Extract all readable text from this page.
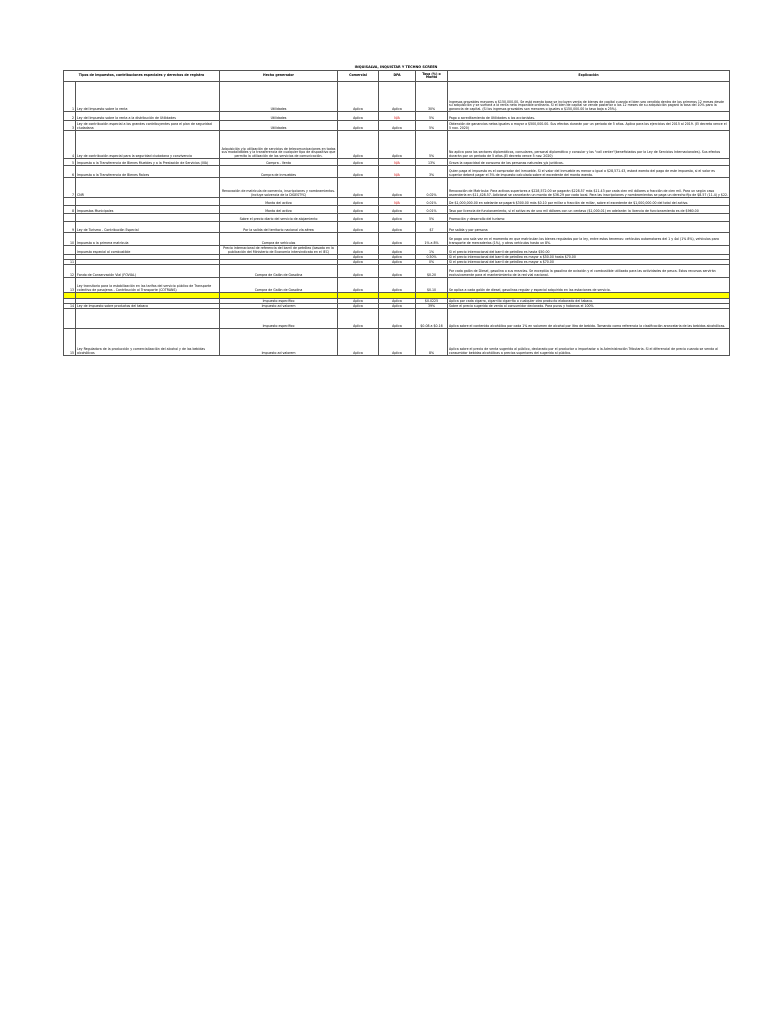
INQUISALVA, INQUISTAR Y TECHNO SCREEN
Tipos de impuestos, contribuciones especiales y derechos de registro		Hecho generador	Comercial	DPA	Tasa (%) o Monto	Explicación
1	Ley del Impuesto sobre la renta	Utilidades	Aplica	Aplica	30%	Ingresos gravables mayores a $150,000.00. Se está exenta base se incluyen venta de bienes de capital cuando el bien sea vendido dentro de los primeros 12 meses desde su adquisición y se sumará a la renta neta imponible ordinaria. Si el bien de capital se vende posterior a los 12 meses de su adquisición pagará la tasa del 10% para la ganancia de capital. (Si los ingresos gravables son menores o iguales a $150,000.00 la tasa baja a 25%).
2	Ley del Impuesto sobre la renta a la distribución de Utilidades	Utilidades	Aplica	N/A	5%	Pago o acreditamiento de Utilidades a los accionistas.
3	Ley de contribución especial a los grandes contribuyentes para el plan de seguridad ciudadana	Utilidades	Aplica	Aplica	5%	Obtención de ganancias netas iguales o mayor a $500,000.00. Sus efectos durarán por un periodo de 5 años. Aplica para los ejercicios del 2015 al 2019. (El decreto vence el 5 nov. 2020)
4	Ley de contribución especial para la seguridad ciudadana y convivencia	Adquisición y/o utilización de servicios de telecomunicaciones en todas sus modalidades y la transferencia de cualquier tipo de dispositivo que permita la utilización de los servicios de comunicación.	Aplica	Aplica	5%	No aplica para los sectores diplomáticos, consulares, personal diplomático y consular y los "call center"(beneficiados por la Ley de Servicios Internacionales). Sus efectos durarán por un periodo de 5 años.(El decreto vence 5 nov. 2020)
5	Impuesto a la Transferencia de Bienes Muebles y a la Prestación de Servicios (IVA)	Compra - Venta	Aplica	N/A	13%	Grava la capacidad de consumo de las personas naturales y/o jurídicas.
6	Impuesto a la Transferencia de Bienes Raíces	Compra de inmuebles	Aplica	N/A	3%	Quien paga el impuesto es el comprador del inmueble. Si el valor del inmueble es menor o igual a $28,571.43, estará exento del pago de este impuesto, si el valor es superior deberá pagar el 3% de impuesto calculado sobre el excedente del monto exento.
7	CNR	Renovación de matrícula de comercio, inscripciones y nombramientos. (incluye solvencia de la DIGESTYC)	Aplica	Aplica	0.02%	Renovación de Matrícula: Para activos superiores a $228,572.00 se pagarán $228.57 más $11.43 por cada cien mil dólares o fracción de cien mil. Para un según caso ascendería en $11,428.57. Adicional se cancelarán un monto de $36.29 por cada local. Para las inscripciones y nombramientos se paga un derecho fijo de $8.57 (11.4) y $22.
		Monto del activo	Aplica	N/A	0.01%	De $1,000,000.00 en adelante se pagará $300.00 más $0.10 por millar o fracción de millar, sobre el excedente de $1,000,000.00 del total del activo.
8	Impuestos Municipales	Monto del activo	Aplica	Aplica	0.01%	Tasa por licencia de funcionamiento, si el activo es de uno mil dólares con un centavo ($1,000.01) en adelante: la licencia de funcionamiento es de $960.00
		Sobre el precio diario del servicio de alojamiento	Aplica	Aplica	5%	Promoción y desarrollo del turismo
9	Ley de Turismo - Contribución Especial	Por la salida del territorio nacional vía aérea	Aplica	Aplica	$7	Por salida y por persona
10	Impuesto a la primera matrícula	Compra de vehículos	Aplica	Aplica	1% a 8%	Se paga una sola vez en el momento en que matriculan los bienes regulados por la ley, entre estos tenemos: vehículos automotores del 1 y 4ol (1% 8%), vehículos para transporte de mercaderías (1%), y otros vehículos hasta un 8%.
	Impuesto especial al combustible	Precio internacional de referencia del barril de petróleo (basado en la publicación del Ministerio de Economía intersindicato en el IEC)	Aplica	Aplica	1%	Si el precio internacional del barril de petróleo es hasta $50.00
			Aplica	Aplica	0.50%	Si el precio internacional del barril de petróleo es mayor a $50.00 hasta $70.00
11			Aplica	Aplica	0%	Si el precio internacional del barril de petróleo es mayor a $70.00
12	Fondo de Conservación Vial (FOVIAL)	Compra de Galón de Gasolina	Aplica	Aplica	$0.20	Por cada galón de Diesel, gasolina o sus mezclas. Se exceptúa la gasolina de aviación y el combustible utilizado para las actividades de pesca. Estos recursos servirán exclusivamente para el mantenimiento de la red vial nacional.
13	Ley transitoria para la estabilización en las tarifas del servicio público de Transporte colectivo de pasajeros - Contribución al Transporte (COTRANS)	Compra de Galón de Gasolina	Aplica	Aplica	$0.10	Se aplica a cada galón de diesel, gasolinas regular y especial adquirida en las estaciones de servicio.

		Impuesto específico	Aplica	Aplica	$0.0225	Aplica por cada cigarro, cigarrillo cigarrito o cualquier otro producto elaborado del tabaco.
14	Ley de Impuesto sobre productos del tabaco	Impuesto ad valorem	Aplica	Aplica	39%	Sobre el precio sugerido de venta al consumidor declarado. Para puros y habanos el 100%
		Impuesto específico	Aplica	Aplica	$0.08 a $0.16	Aplica sobre el contenido alcohólico por cada 1% en volumen de alcohol por litro de bebida. Tomando como referencia la clasificación arancelaria de las bebidas alcohólicas.
15	Ley Reguladora de la producción y comercialización del alcohol y de las bebidas alcohólicas	Impuesto ad valorem	Aplica	Aplica	8%	Aplica sobre el precio de venta sugerido al público, declarado por el productor o importador a la Administración Tributaria. Si el diferencial de precio cuando se venda al consumidor bebidas alcohólicas a precios superiores del sugerido al público.
